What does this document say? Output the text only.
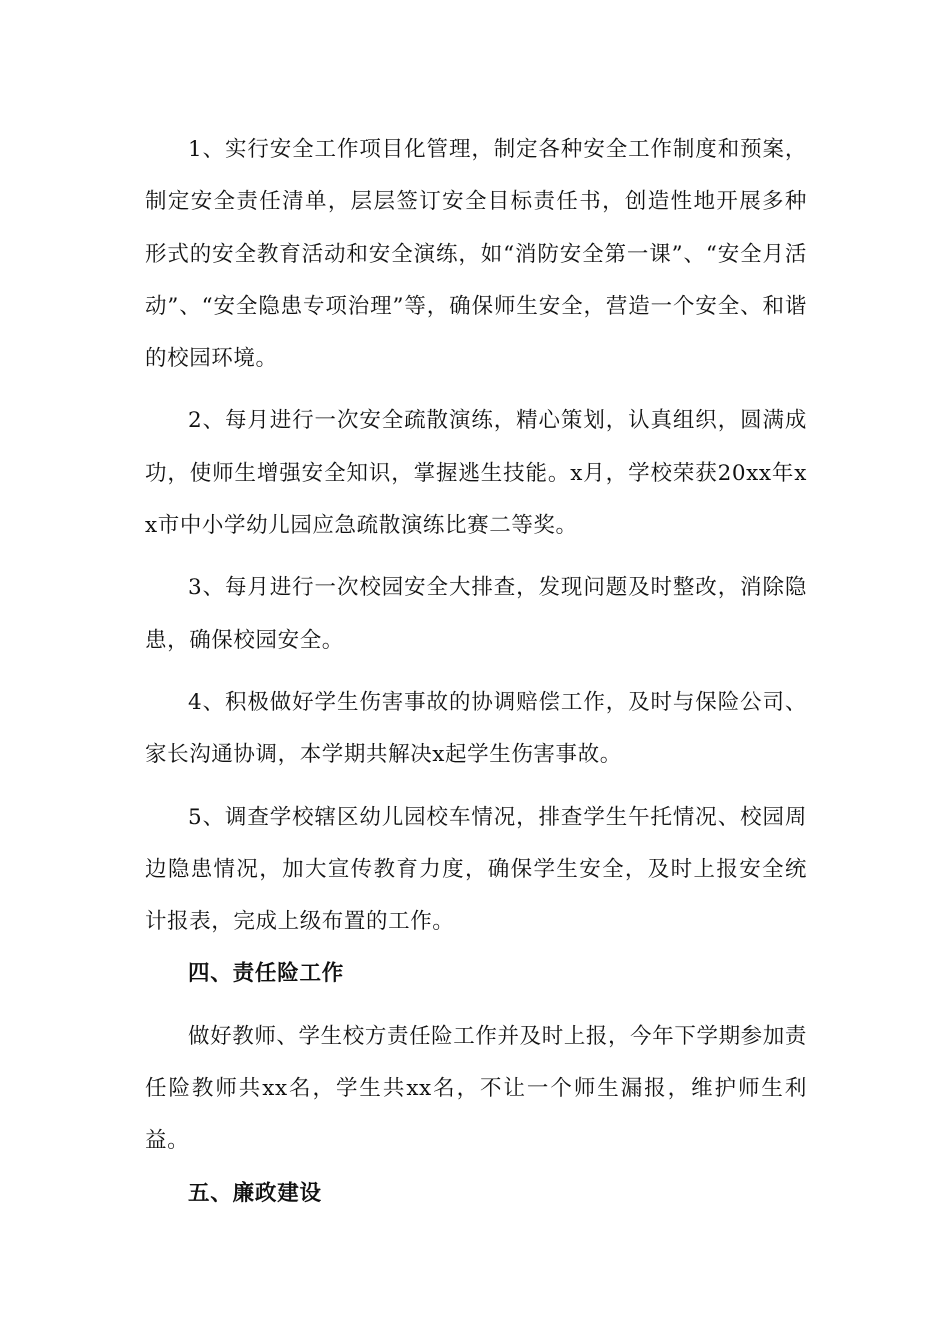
1、实行安全工作项目化管理，制定各种安全工作制度和预案，制定安全责任清单，层层签订安全目标责任书，创造性地开展多种形式的安全教育活动和安全演练，如“消防安全第一课”、“安全月活动”、“安全隐患专项治理”等，确保师生安全，营造一个安全、和谐的校园环境。

2、每月进行一次安全疏散演练，精心策划，认真组织，圆满成功，使师生增强安全知识，掌握逃生技能。x月，学校荣获20xx年xx市中小学幼儿园应急疏散演练比赛二等奖。

3、每月进行一次校园安全大排查，发现问题及时整改，消除隐患，确保校园安全。

4、积极做好学生伤害事故的协调赔偿工作，及时与保险公司、家长沟通协调，本学期共解决x起学生伤害事故。

5、调查学校辖区幼儿园校车情况，排查学生午托情况、校园周边隐患情况，加大宣传教育力度，确保学生安全，及时上报安全统计报表，完成上级布置的工作。

四、责任险工作

做好教师、学生校方责任险工作并及时上报，今年下学期参加责任险教师共xx名，学生共xx名，不让一个师生漏报，维护师生利益。

五、廉政建设
